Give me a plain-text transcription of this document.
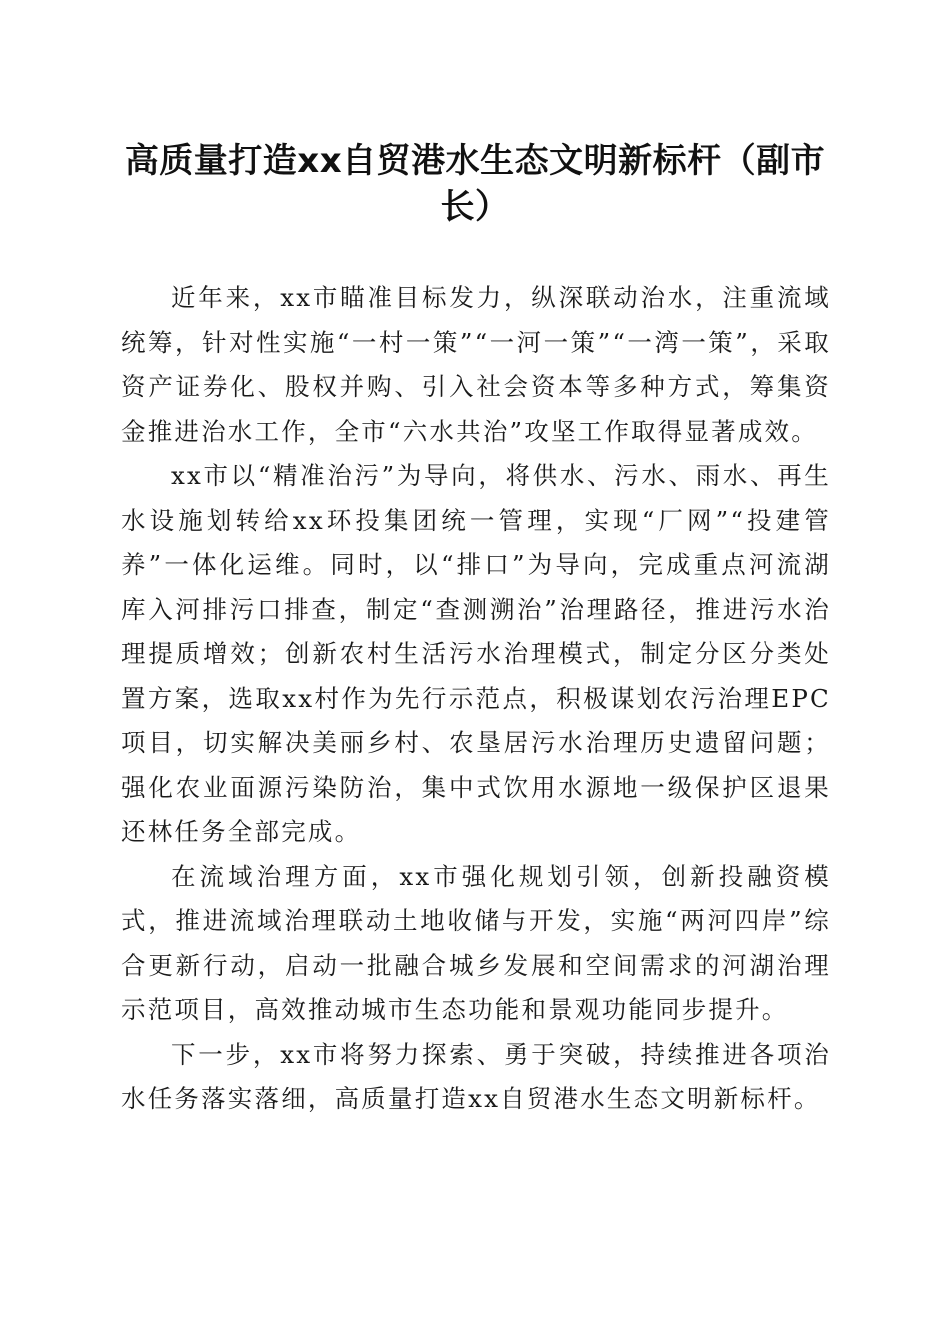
高质量打造xx自贸港水生态文明新标杆（副市长）

近年来，xx市瞄准目标发力，纵深联动治水，注重流域统筹，针对性实施“一村一策”“一河一策”“一湾一策”，采取资产证券化、股权并购、引入社会资本等多种方式，筹集资金推进治水工作，全市“六水共治”攻坚工作取得显著成效。

xx市以“精准治污”为导向，将供水、污水、雨水、再生水设施划转给xx环投集团统一管理，实现“厂网”“投建管养”一体化运维。同时，以“排口”为导向，完成重点河流湖库入河排污口排查，制定“查测溯治”治理路径，推进污水治理提质增效；创新农村生活污水治理模式，制定分区分类处置方案，选取xx村作为先行示范点，积极谋划农污治理EPC项目，切实解决美丽乡村、农垦居污水治理历史遗留问题；强化农业面源污染防治，集中式饮用水源地一级保护区退果还林任务全部完成。

在流域治理方面，xx市强化规划引领，创新投融资模式，推进流域治理联动土地收储与开发，实施“两河四岸”综合更新行动，启动一批融合城乡发展和空间需求的河湖治理示范项目，高效推动城市生态功能和景观功能同步提升。

下一步，xx市将努力探索、勇于突破，持续推进各项治水任务落实落细，高质量打造xx自贸港水生态文明新标杆。
